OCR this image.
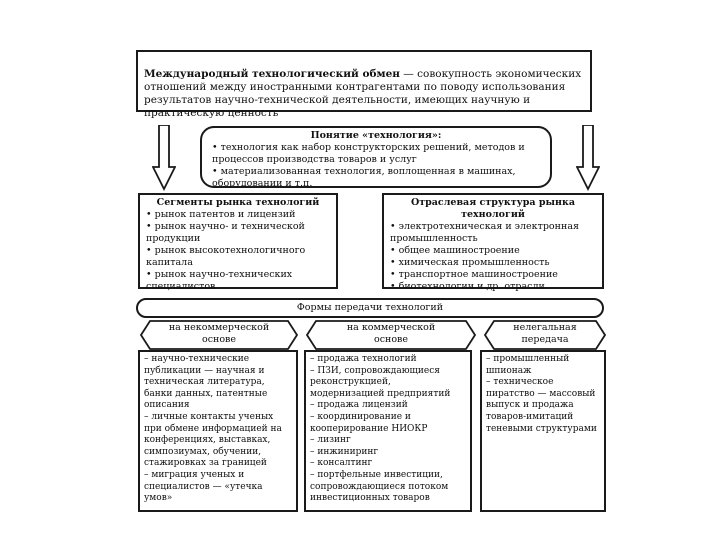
Международный технологический обмен — совокупность экономических отношений между иностранными контрагентами по поводу использования результатов научно-технической деятельности, имеющих научную и практическую ценность

Понятие «технология»:
• технология как набор конструкторских решений, методов и процессов производства товаров и услуг
• материализованная технология, воплощенная в машинах, оборудовании и т.п.
Сегменты рынка технологий
• рынок патентов и лицензий
• рынок научно- и технической продукции
• рынок высокотехнологичного капитала
• рынок научно-технических специалистов
Отраслевая структура рынка технологий
• электротехническая и электронная промышленность
• общее машиностроение
• химическая промышленность
• транспортное машиностроение
• биотехнологии и др. отрасли
Формы передачи технологий
на некоммерческой основе
на коммерческой основе
нелегальная передача
– научно-технические публикации — научная и техническая литература, банки данных, патентные описания
– личные контакты ученых при обмене информацией на конференциях, выставках, симпозиумах, обучении, стажировках за границей
– миграция ученых и специалистов — «утечка умов»
– продажа технологий
– ПЗИ, сопровождающиеся реконструкцией, модернизацией предприятий
– продажа лицензий
– координирование и кооперирование НИОКР
– лизинг
– инжиниринг
– консалтинг
– портфельные инвестиции, сопровождающиеся потоком инвестиционных товаров
– промышленный шпионаж
– техническое пиратство — массовый выпуск и продажа товаров-имитаций теневыми структурами
